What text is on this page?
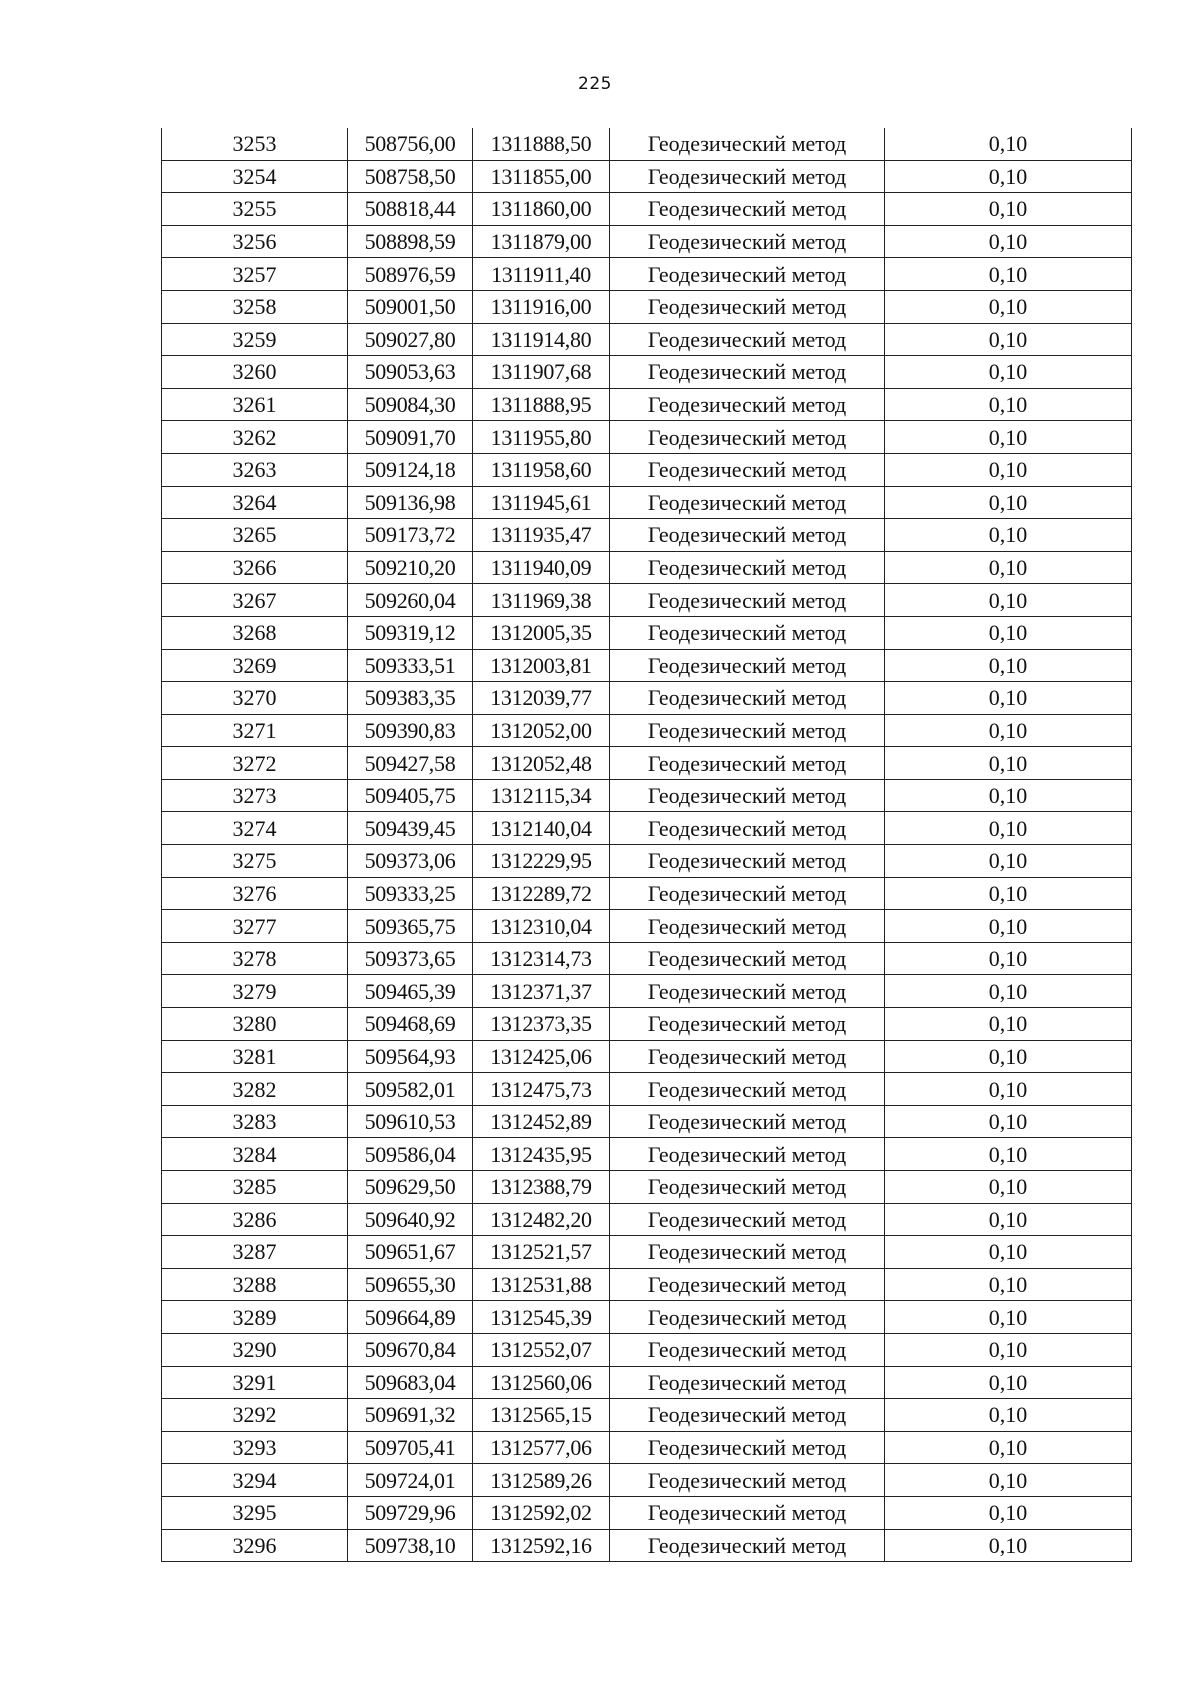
225
3253	508756,00	1311888,50	Геодезический метод	0,10
3254	508758,50	1311855,00	Геодезический метод	0,10
3255	508818,44	1311860,00	Геодезический метод	0,10
3256	508898,59	1311879,00	Геодезический метод	0,10
3257	508976,59	1311911,40	Геодезический метод	0,10
3258	509001,50	1311916,00	Геодезический метод	0,10
3259	509027,80	1311914,80	Геодезический метод	0,10
3260	509053,63	1311907,68	Геодезический метод	0,10
3261	509084,30	1311888,95	Геодезический метод	0,10
3262	509091,70	1311955,80	Геодезический метод	0,10
3263	509124,18	1311958,60	Геодезический метод	0,10
3264	509136,98	1311945,61	Геодезический метод	0,10
3265	509173,72	1311935,47	Геодезический метод	0,10
3266	509210,20	1311940,09	Геодезический метод	0,10
3267	509260,04	1311969,38	Геодезический метод	0,10
3268	509319,12	1312005,35	Геодезический метод	0,10
3269	509333,51	1312003,81	Геодезический метод	0,10
3270	509383,35	1312039,77	Геодезический метод	0,10
3271	509390,83	1312052,00	Геодезический метод	0,10
3272	509427,58	1312052,48	Геодезический метод	0,10
3273	509405,75	1312115,34	Геодезический метод	0,10
3274	509439,45	1312140,04	Геодезический метод	0,10
3275	509373,06	1312229,95	Геодезический метод	0,10
3276	509333,25	1312289,72	Геодезический метод	0,10
3277	509365,75	1312310,04	Геодезический метод	0,10
3278	509373,65	1312314,73	Геодезический метод	0,10
3279	509465,39	1312371,37	Геодезический метод	0,10
3280	509468,69	1312373,35	Геодезический метод	0,10
3281	509564,93	1312425,06	Геодезический метод	0,10
3282	509582,01	1312475,73	Геодезический метод	0,10
3283	509610,53	1312452,89	Геодезический метод	0,10
3284	509586,04	1312435,95	Геодезический метод	0,10
3285	509629,50	1312388,79	Геодезический метод	0,10
3286	509640,92	1312482,20	Геодезический метод	0,10
3287	509651,67	1312521,57	Геодезический метод	0,10
3288	509655,30	1312531,88	Геодезический метод	0,10
3289	509664,89	1312545,39	Геодезический метод	0,10
3290	509670,84	1312552,07	Геодезический метод	0,10
3291	509683,04	1312560,06	Геодезический метод	0,10
3292	509691,32	1312565,15	Геодезический метод	0,10
3293	509705,41	1312577,06	Геодезический метод	0,10
3294	509724,01	1312589,26	Геодезический метод	0,10
3295	509729,96	1312592,02	Геодезический метод	0,10
3296	509738,10	1312592,16	Геодезический метод	0,10
